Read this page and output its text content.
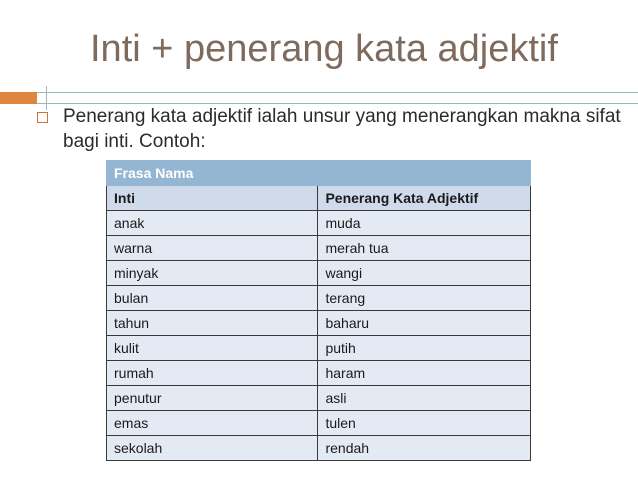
Inti + penerang kata adjektif
Penerang kata adjektif ialah unsur yang menerangkan makna sifat bagi inti. Contoh:
Frasa Nama	
Inti	Penerang Kata Adjektif
anak	muda
warna	merah tua
minyak	wangi
bulan	terang
tahun	baharu
kulit	putih
rumah	haram
penutur	asli
emas	tulen
sekolah	rendah
